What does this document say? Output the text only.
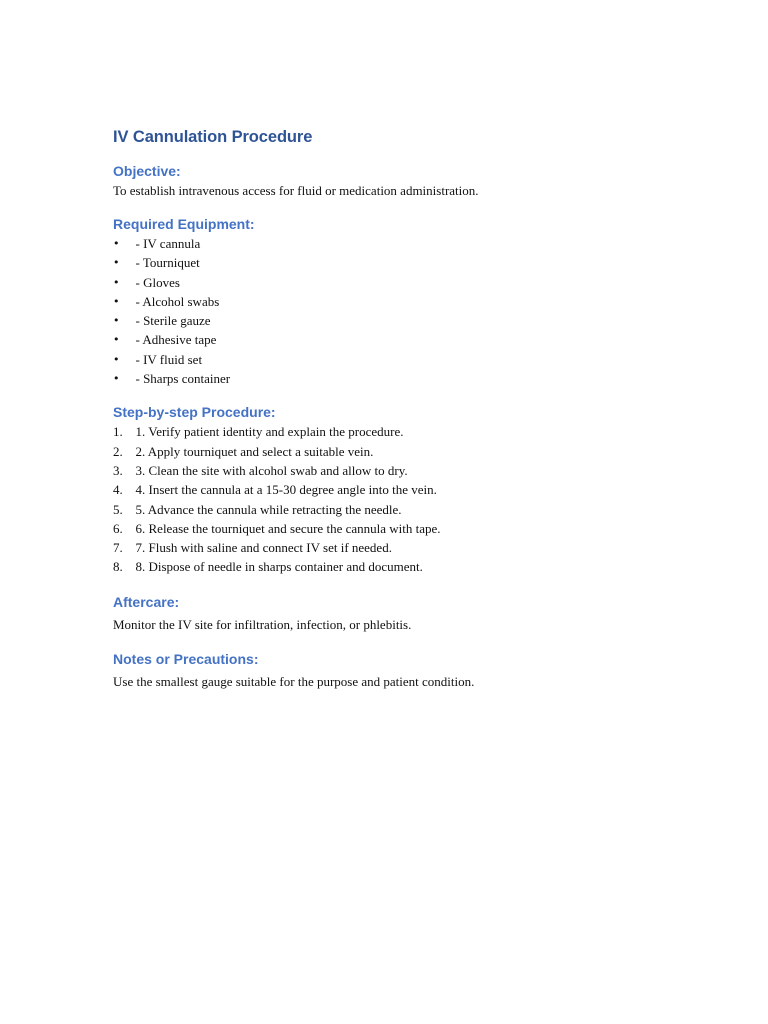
IV Cannulation Procedure
Objective:

To establish intravenous access for fluid or medication administration.

Required Equipment:
•	- IV cannula
•	- Tourniquet
•	- Gloves
•	- Alcohol swabs
•	- Sterile gauze
•	- Adhesive tape
•	- IV fluid set
•	- Sharps container
Step-by-step Procedure:
1. 1. Verify patient identity and explain the procedure.
2. 2. Apply tourniquet and select a suitable vein.
3. 3. Clean the site with alcohol swab and allow to dry.
4. 4. Insert the cannula at a 15-30 degree angle into the vein.
5. 5. Advance the cannula while retracting the needle.
6. 6. Release the tourniquet and secure the cannula with tape.
7. 7. Flush with saline and connect IV set if needed.
8. 8. Dispose of needle in sharps container and document.
Aftercare:

Monitor the IV site for infiltration, infection, or phlebitis.

Notes or Precautions:

Use the smallest gauge suitable for the purpose and patient condition.
